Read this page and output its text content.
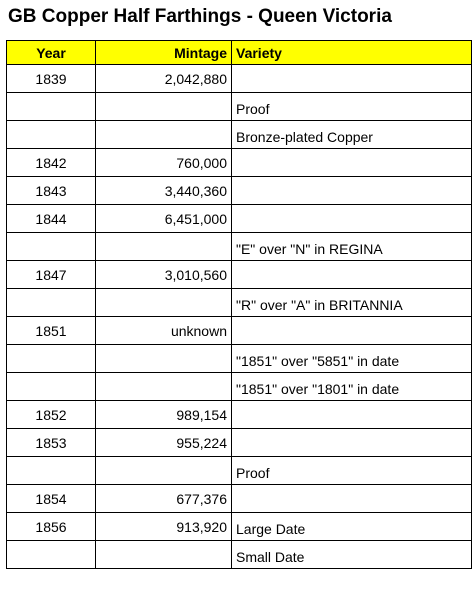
GB Copper Half Farthings - Queen Victoria
Year	Mintage	Variety
1839	2,042,880	
		Proof
		Bronze-plated Copper
1842	760,000	
1843	3,440,360	
1844	6,451,000	
		"E" over "N" in REGINA
1847	3,010,560	
		"R" over "A" in BRITANNIA
1851	unknown	
		"1851" over "5851" in date
		"1851" over "1801" in date
1852	989,154	
1853	955,224	
		Proof
1854	677,376	
1856	913,920	Large Date
		Small Date
